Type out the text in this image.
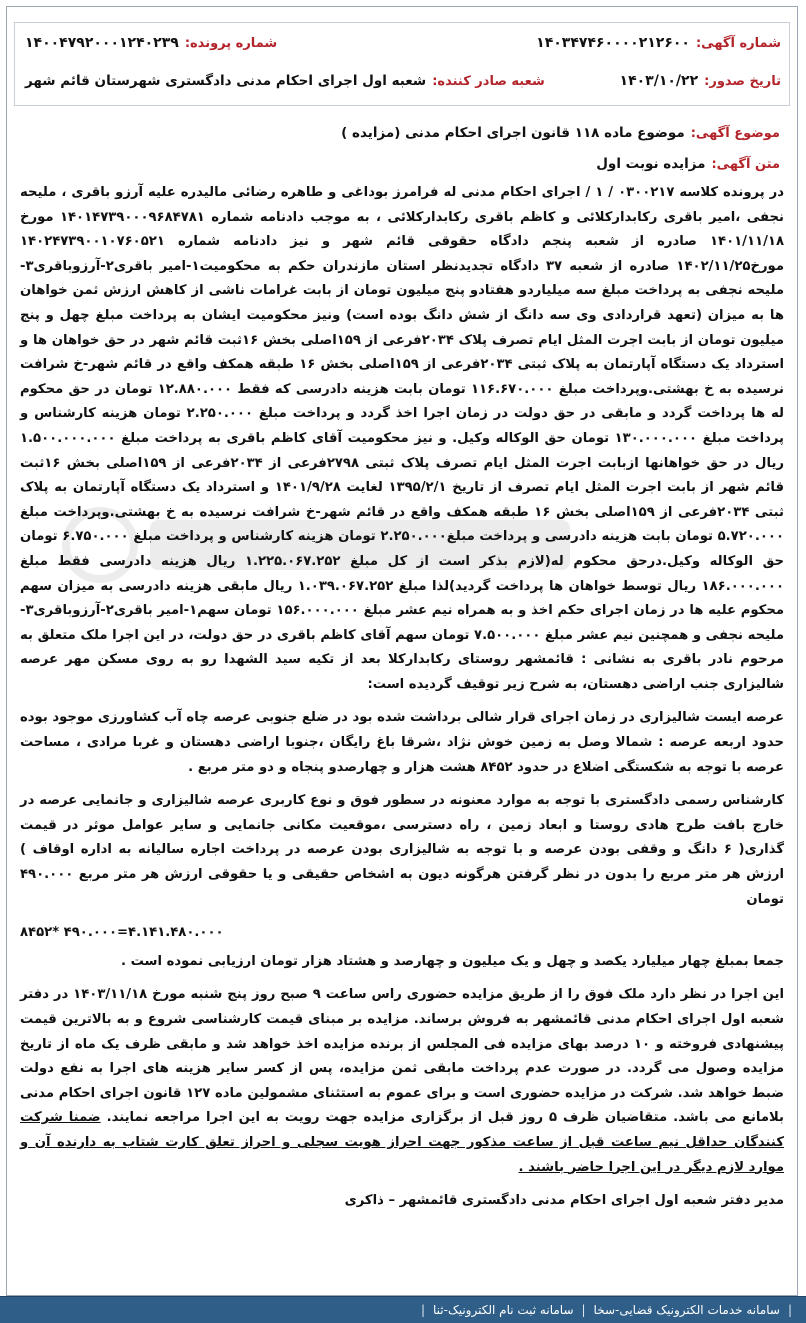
شماره آگهی:
۱۴۰۳۴۷۴۶۰۰۰۰۲۱۲۶۰۰
شماره پرونده:
۱۴۰۰۴۷۹۲۰۰۰۱۲۴۰۲۳۹
تاریخ صدور:
۱۴۰۳/۱۰/۲۲
شعبه صادر کننده:
شعبه اول اجرای احکام مدنی دادگستری شهرستان قائم شهر
موضوع آگهی:
موضوع ماده ۱۱۸ قانون اجرای احکام مدنی (مزایده )
متن آگهی:
مزایده نوبت اول

در پرونده کلاسه ۰۳۰۰۲۱۷ / ۱ / اجرای احکام مدنی له فرامرز بوداغی و طاهره رضائی مالیدره علیه آرزو باقری ، ملیحه نجفی ،امیر باقری رکابدارکلائی و کاظم باقری رکابدارکلائی ، به موجب دادنامه شماره ۱۴۰۱۴۷۳۹۰۰۰۹۶۸۴۷۸۱ مورخ ۱۴۰۱/۱۱/۱۸ صادره از شعبه پنجم دادگاه حقوقی قائم شهر و نیز دادنامه شماره ۱۴۰۲۴۷۳۹۰۰۱۰۷۶۰۵۲۱ مورخ۱۴۰۲/۱۱/۲۵ صادره از شعبه ۳۷ دادگاه تجدیدنظر استان مازندران حکم به محکومیت۱-امیر باقری۲-آرزوباقری۳-ملیحه نجفی به پرداخت مبلغ سه میلیاردو هفتادو پنج میلیون تومان از بابت غرامات ناشی از کاهش ارزش ثمن خواهان ها به میزان (تعهد قراردادی وی سه دانگ از شش دانگ بوده است) ونیز محکومیت ایشان به پرداخت مبلغ چهل و پنج میلیون تومان از بابت اجرت المثل ایام تصرف پلاک ۲۰۳۴فرعی از ۱۵۹اصلی بخش ۱۶ثبت قائم شهر در حق خواهان ها و استرداد یک دستگاه آپارتمان به پلاک ثبتی ۲۰۳۴فرعی از ۱۵۹اصلی بخش ۱۶ طبقه همکف واقع در قائم شهر-خ شرافت نرسیده به خ بهشتی.وپرداخت مبلغ ۱۱۶.۶۷۰.۰۰۰ تومان بابت هزینه دادرسی که فقط ۱۲.۸۸۰.۰۰۰ تومان در حق محکوم له ها پرداخت گردد و مابقی در حق دولت در زمان اجرا اخذ گردد و پرداخت مبلغ ۲.۲۵۰.۰۰۰ تومان هزینه کارشناس و پرداخت مبلغ ۱۳۰.۰۰۰.۰۰۰ تومان حق الوکاله وکیل. و نیز محکومیت آقای کاظم باقری به پرداخت مبلغ ۱.۵۰۰.۰۰۰.۰۰۰ ریال در حق خواهانها ازبابت اجرت المثل ایام تصرف پلاک ثبتی ۲۷۹۸فرعی از ۲۰۳۴فرعی از ۱۵۹اصلی بخش ۱۶ثبت قائم شهر از بابت اجرت المثل ایام تصرف از تاریخ ۱۳۹۵/۲/۱ لغایت ۱۴۰۱/۹/۲۸ و استرداد یک دستگاه آپارتمان به پلاک ثبتی ۲۰۳۴فرعی از ۱۵۹اصلی بخش ۱۶ طبقه همکف واقع در قائم شهر-خ شرافت نرسیده به خ بهشتی.وپرداخت مبلغ ۵.۷۲۰.۰۰۰ تومان بابت هزینه دادرسی و پرداخت مبلغ۲.۲۵۰.۰۰۰ تومان هزینه کارشناس و پرداخت مبلغ ۶.۷۵۰.۰۰۰ تومان حق الوکاله وکیل.درحق محکوم له(لازم بذکر است از کل مبلغ ۱.۲۲۵.۰۶۷.۲۵۲ ریال هزینه دادرسی فقط مبلغ ۱۸۶.۰۰۰.۰۰۰ ریال توسط خواهان ها پرداخت گردید)لذا مبلغ ۱.۰۳۹.۰۶۷.۲۵۲ ریال مابقی هزینه دادرسی به میزان سهم محکوم علیه ها در زمان اجرای حکم اخذ و به همراه نیم عشر مبلغ ۱۵۶.۰۰۰.۰۰۰ تومان سهم۱-امیر باقری۲-آرزوباقری۳-ملیحه نجفی و همچنین نیم عشر مبلغ ۷.۵۰۰.۰۰۰ تومان سهم آقای کاظم باقری در حق دولت، در این اجرا ملک متعلق به مرحوم نادر باقری به نشانی : قائمشهر روستای رکابدارکلا بعد از تکیه سید الشهدا رو به روی مسکن مهر عرصه شالیزاری جنب اراضی دهستان، به شرح زیر توقیف گردیده است:

عرصه ایست شالیزاری در زمان اجرای قرار شالی برداشت شده بود در ضلع جنوبی عرصه چاه آب کشاورزی موجود بوده حدود اربعه عرصه : شمالا وصل به زمین خوش نژاد ،شرقا باغ رایگان ،جنوبا اراضی دهستان و غربا مرادی ، مساحت عرصه با توجه به شکستگی اضلاع در حدود ۸۴۵۲ هشت هزار و چهارصدو پنجاه و دو متر مربع .

کارشناس رسمی دادگستری با توجه به موارد معنونه در سطور فوق و نوع کاربری عرصه شالیزاری و جانمایی عرصه در خارج بافت طرح هادی روستا و ابعاد زمین ، راه دسترسی ،موقعیت مکانی جانمایی و سایر عوامل موثر در قیمت گذاری( ۶ دانگ و وقفی بودن عرصه و با توجه به شالیزاری بودن عرصه در پرداخت اجاره سالیانه به اداره اوقاف ) ارزش هر متر مربع را بدون در نظر گرفتن هرگونه دیون به اشخاص حقیقی و یا حقوقی ارزش هر متر مربع ۴۹۰.۰۰۰ تومان

۸۴۵۲* ۴۹۰.۰۰۰=۴.۱۴۱.۴۸۰.۰۰۰

جمعا بمبلغ چهار میلیارد یکصد و چهل و یک میلیون و چهارصد و هشتاد هزار تومان ارزیابی نموده است .

این اجرا در نظر دارد ملک فوق را از طریق مزایده حضوری راس ساعت ۹ صبح روز پنج شنبه مورخ ۱۴۰۳/۱۱/۱۸ در دفتر شعبه اول اجرای احکام مدنی قائمشهر به فروش برساند. مزایده بر مبنای قیمت کارشناسی شروع و به بالاترین قیمت پیشنهادی فروخته و ۱۰ درصد بهای مزایده فی المجلس از برنده مزایده اخذ خواهد شد و مابقی ظرف یک ماه از تاریخ مزایده وصول می گردد. در صورت عدم پرداخت مابقی ثمن مزایده، پس از کسر سایر هزینه های اجرا به نفع دولت ضبط خواهد شد. شرکت در مزایده حضوری است و برای عموم به استثنای مشمولین ماده ۱۲۷ قانون اجرای احکام مدنی بلامانع می باشد. متقاضیان ظرف ۵ روز قبل از برگزاری مزایده جهت رویت به این اجرا مراجعه نمایند. ضمنا شرکت کنندگان حداقل نیم ساعت قبل از ساعت مذکور جهت احراز هویت سجلی و احراز تعلق کارت شتاب به دارنده آن و موارد لازم دیگر در این اجرا حاضر باشند .

مدیر دفتر شعبه اول اجرای احکام مدنی دادگستری قائمشهر – ذاکری

|
سامانه خدمات الکترونیک قضایی-سخا
|
سامانه ثبت نام الکترونیک-ثنا
|
